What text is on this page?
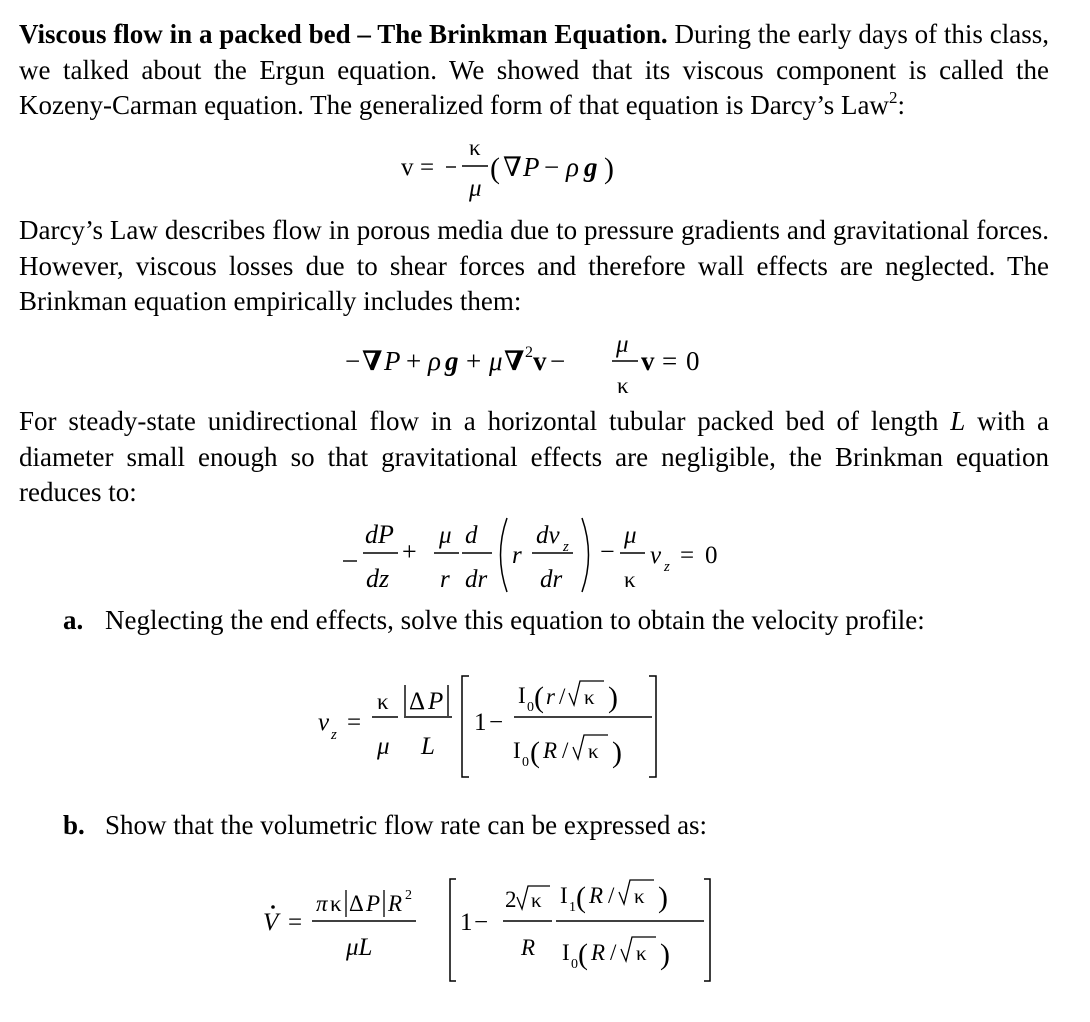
Viscous flow in a packed bed – The Brinkman Equation. During the early days of this class, we talked about the Ergun equation. We showed that its viscous component is called the Kozeny-Carman equation. The generalized form of that equation is Darcy’s Law$^2$:
v =
κ
μ
( ∇ P − ρ g )
Darcy’s Law describes flow in porous media due to pressure gradients and gravitational forces. However, viscous losses due to shear forces and therefore wall effects are neglected. The Brinkman equation empirically includes them:
− ∇ P + ρ g + μ ∇ 2 v −
μ
κ
v = 0
For steady-state unidirectional flow in a horizontal tubular packed bed of length L with a diameter small enough so that gravitational effects are negligible, the Brinkman equation reduces to:
dP
dz
+
μ
r
d
dr
r
dv z
dr
−
μ
κ
v z = 0
a. Neglecting the end effects, solve this equation to obtain the velocity profile:
v z =
κ
μ
Δ P
L
1 −
I 0 ( r / κ )
I 0 ( R / κ )
b. Show that the volumetric flow rate can be expressed as:
V =
π κ Δ P R 2
μL
1 −
2 κ
R
I 1 ( R / κ )
I 0 ( R / κ )
